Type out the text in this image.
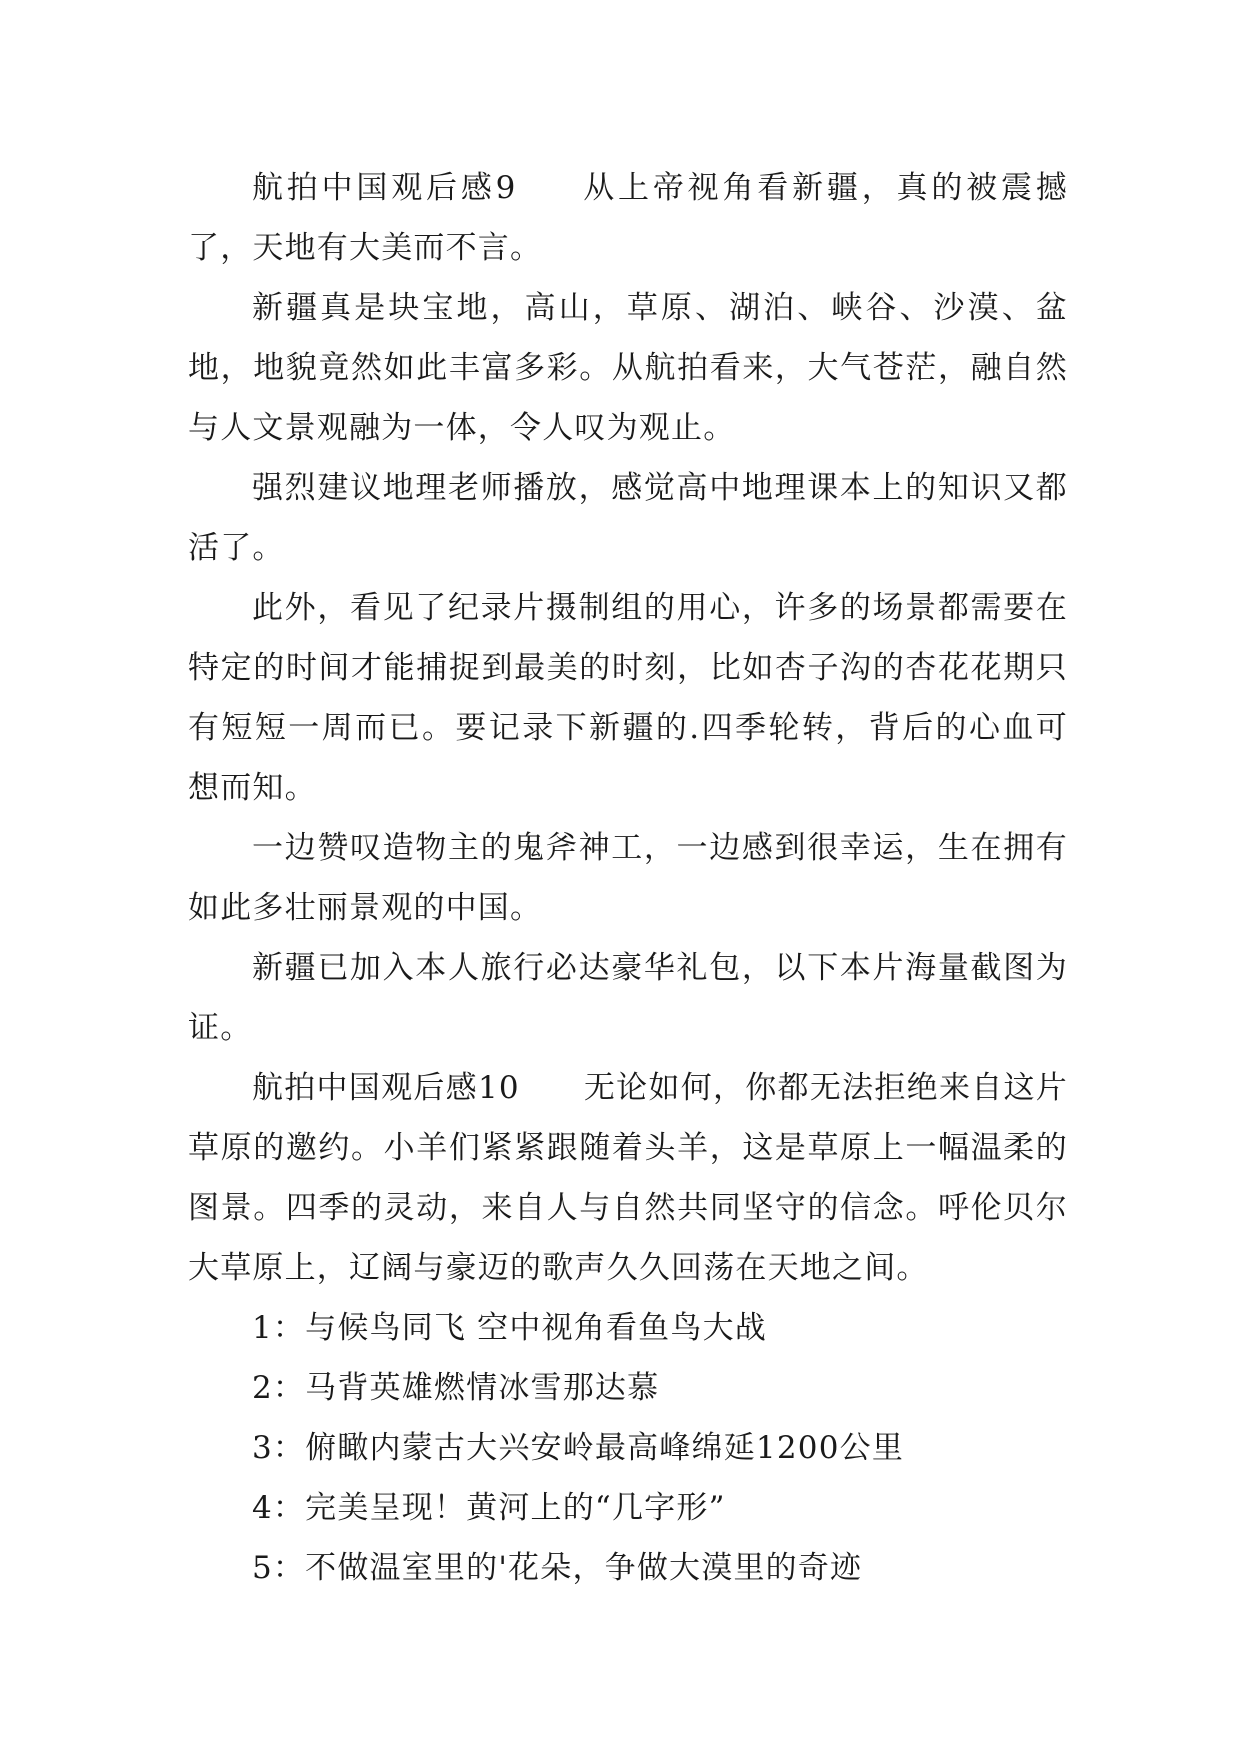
航拍中国观后感9 从上帝视角看新疆，真的被震撼了，天地有大美而不言。

新疆真是块宝地，高山，草原、湖泊、峡谷、沙漠、盆地，地貌竟然如此丰富多彩。从航拍看来，大气苍茫，融自然与人文景观融为一体，令人叹为观止。

强烈建议地理老师播放，感觉高中地理课本上的知识又都活了。

此外，看见了纪录片摄制组的用心，许多的场景都需要在特定的时间才能捕捉到最美的时刻，比如杏子沟的杏花花期只有短短一周而已。要记录下新疆的.四季轮转，背后的心血可想而知。

一边赞叹造物主的鬼斧神工，一边感到很幸运，生在拥有如此多壮丽景观的中国。

新疆已加入本人旅行必达豪华礼包，以下本片海量截图为证。

航拍中国观后感10 无论如何，你都无法拒绝来自这片草原的邀约。小羊们紧紧跟随着头羊，这是草原上一幅温柔的图景。四季的灵动，来自人与自然共同坚守的信念。呼伦贝尔大草原上，辽阔与豪迈的歌声久久回荡在天地之间。

1：与候鸟同飞 空中视角看鱼鸟大战

2：马背英雄燃情冰雪那达慕

3：俯瞰内蒙古大兴安岭最高峰绵延1200公里

4：完美呈现！黄河上的“几字形”

5：不做温室里的'花朵，争做大漠里的奇迹
